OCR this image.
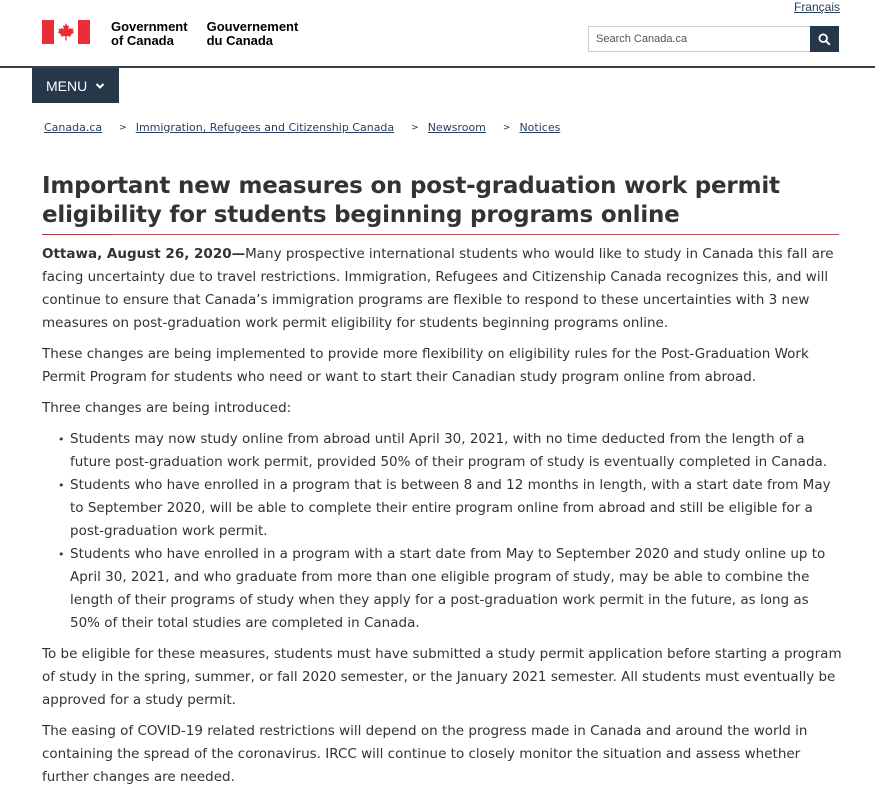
Français
Government
of Canada
Gouvernement
du Canada
Search Canada.ca
MENU
Canada.ca > Immigration, Refugees and Citizenship Canada > Newsroom > Notices
Important new measures on post-graduation work permit eligibility for students beginning programs online

Ottawa, August 26, 2020—Many prospective international students who would like to study in Canada this fall are facing uncertainty due to travel restrictions. Immigration, Refugees and Citizenship Canada recognizes this, and will continue to ensure that Canada’s immigration programs are flexible to respond to these uncertainties with 3 new measures on post-graduation work permit eligibility for students beginning programs online.

These changes are being implemented to provide more flexibility on eligibility rules for the Post-Graduation Work Permit Program for students who need or want to start their Canadian study program online from abroad.

Three changes are being introduced:

• Students may now study online from abroad until April 30, 2021, with no time deducted from the length of a future post-graduation work permit, provided 50% of their program of study is eventually completed in Canada.
• Students who have enrolled in a program that is between 8 and 12 months in length, with a start date from May to September 2020, will be able to complete their entire program online from abroad and still be eligible for a post-graduation work permit.
• Students who have enrolled in a program with a start date from May to September 2020 and study online up to April 30, 2021, and who graduate from more than one eligible program of study, may be able to combine the length of their programs of study when they apply for a post-graduation work permit in the future, as long as 50% of their total studies are completed in Canada.

To be eligible for these measures, students must have submitted a study permit application before starting a program of study in the spring, summer, or fall 2020 semester, or the January 2021 semester. All students must eventually be approved for a study permit.

The easing of COVID-19 related restrictions will depend on the progress made in Canada and around the world in containing the spread of the coronavirus. IRCC will continue to closely monitor the situation and assess whether further changes are needed.
